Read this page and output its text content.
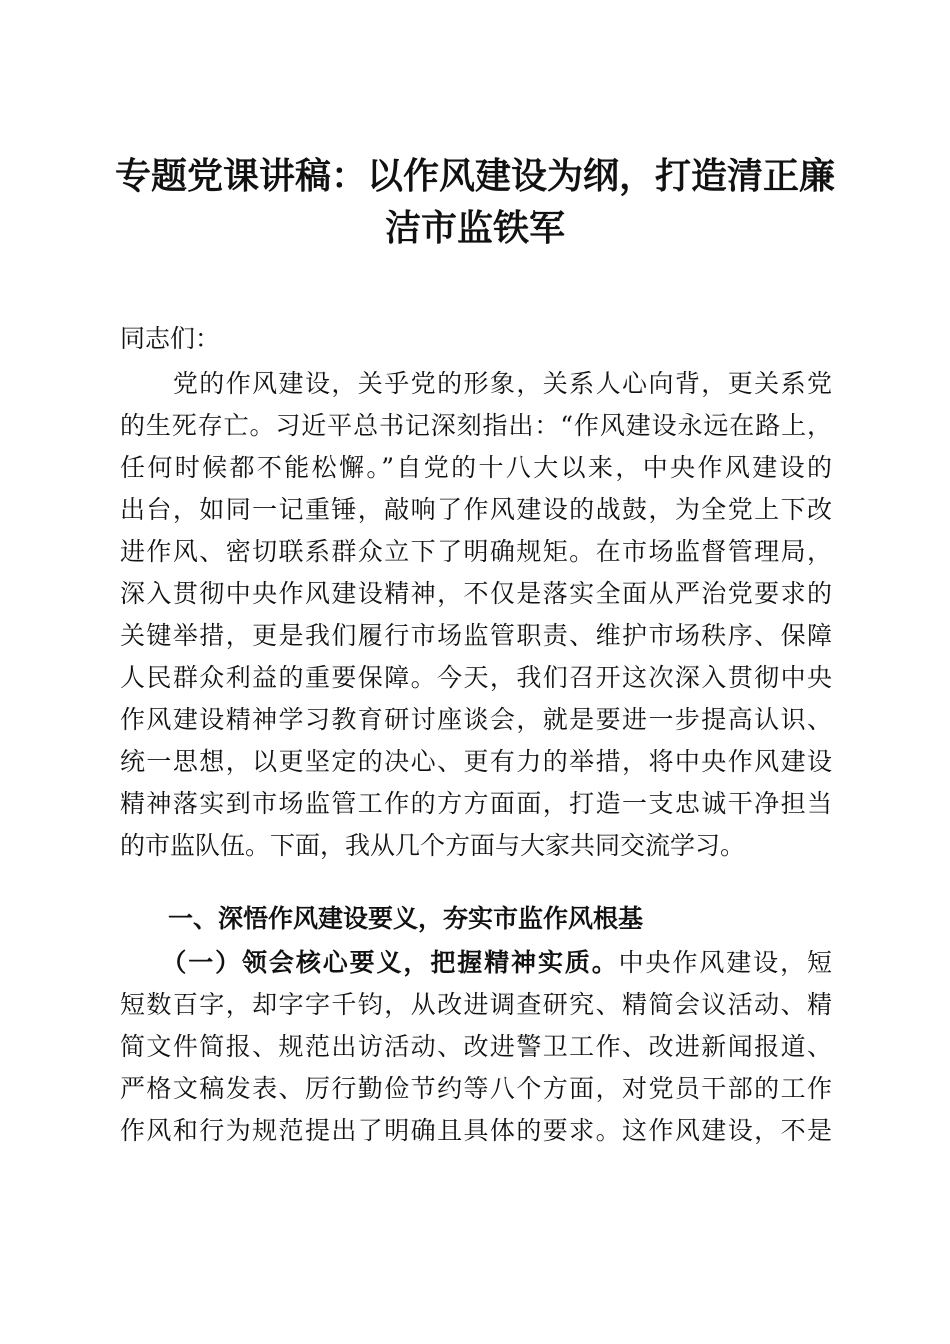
专题党课讲稿：以作风建设为纲，打造清正廉
洁市监铁军
同志们：
　　党的作风建设，关乎党的形象，关系人心向背，更关系党
的生死存亡。习近平总书记深刻指出：“作风建设永远在路上，
任何时候都不能松懈。”自党的十八大以来，中央作风建设的
出台，如同一记重锤，敲响了作风建设的战鼓，为全党上下改
进作风、密切联系群众立下了明确规矩。在市场监督管理局，
深入贯彻中央作风建设精神，不仅是落实全面从严治党要求的
关键举措，更是我们履行市场监管职责、维护市场秩序、保障
人民群众利益的重要保障。今天，我们召开这次深入贯彻中央
作风建设精神学习教育研讨座谈会，就是要进一步提高认识、
统一思想，以更坚定的决心、更有力的举措，将中央作风建设
精神落实到市场监管工作的方方面面，打造一支忠诚干净担当
的市监队伍。下面，我从几个方面与大家共同交流学习。
一、深悟作风建设要义，夯实市监作风根基
　　（一）领会核心要义，把握精神实质。中央作风建设，短
短数百字，却字字千钧，从改进调查研究、精简会议活动、精
简文件简报、规范出访活动、改进警卫工作、改进新闻报道、
严格文稿发表、厉行勤俭节约等八个方面，对党员干部的工作
作风和行为规范提出了明确且具体的要求。这作风建设，不是
